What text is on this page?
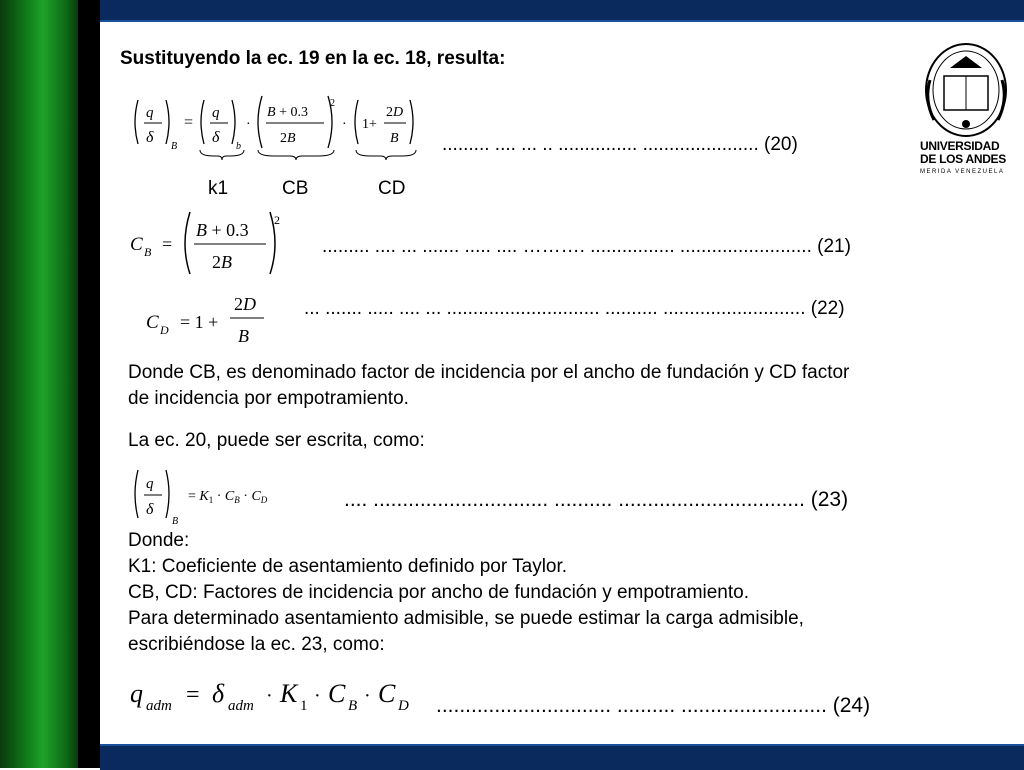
Sustituyendo la ec. 19 en la ec. 18, resulta:
UNIVERSIDAD
DE LOS ANDES
MERIDA VENEZUELA
q
δ
B
=
q
δ
b
·
B + 0.3
2B
2
· 1+
2D
B
k1	CB	CD
......... .... ... .. ............... ...................... (20)
C B =
B + 0.3
2B
2
......... .... ... ....... ..... .... ………. ................ ......................... (21)
C D = 1 +
2D
B
... ....... ..... .... ... ............................. .......... ........................... (22)
Donde CB, es denominado factor de incidencia por el ancho de fundación y CD factor
de incidencia por empotramiento.
La ec. 20, puede ser escrita, como:
q
δ
B
= $K_1 \cdot C_B \cdot C_D$	.... .............................. .......... ................................ (23)
Donde:
K1: Coeficiente de asentamiento definido por Taylor.
CB, CD: Factores de incidencia por ancho de fundación y empotramiento.
Para determinado asentamiento admisible, se puede estimar la carga admisible,
escribiéndose la ec. 23, como:
q adm = δ adm · K 1 · C B · C D .............................. .......... ......................... (24)
